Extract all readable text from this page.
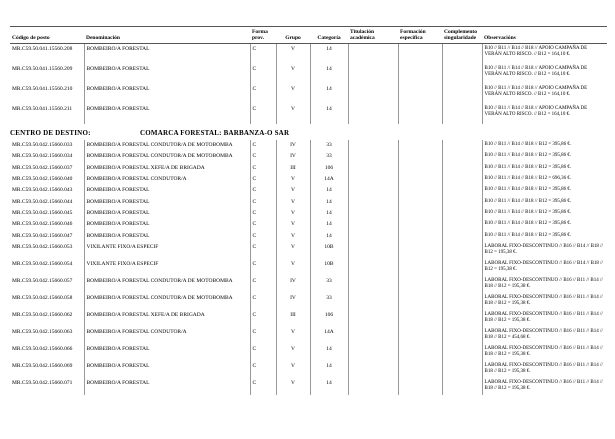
Código de posto	Denominación	Forma prov.	Grupo	Categoría	Titulación académica	Formación específica	Complemento singularidade	Observacións
MR.C59.50.041.15560.208	BOMBEIRO/A FORESTAL	C	V	14				B10 // B11 // B14 // B18 // APOIO CAMPAÑA DE VERÁN ALTO RISCO. // B12 = 164,10 €.
MR.C59.50.041.15560.209	BOMBEIRO/A FORESTAL	C	V	14				B10 // B11 // B14 // B18 // APOIO CAMPAÑA DE VERÁN ALTO RISCO. // B12 = 164,10 €.
MR.C59.50.041.15560.210	BOMBEIRO/A FORESTAL	C	V	14				B10 // B11 // B14 // B18 // APOIO CAMPAÑA DE VERÁN ALTO RISCO. // B12 = 164,10 €.
MR.C59.50.041.15560.211	BOMBEIRO/A FORESTAL	C	V	14				B10 // B11 // B14 // B18 // APOIO CAMPAÑA DE VERÁN ALTO RISCO. // B12 = 164,10 €.
CENTRO DE DESTINO:	COMARCA FORESTAL: BARBANZA-O SAR
MR.C59.50.042.15660.033	BOMBEIRO/A FORESTAL CONDUTOR/A DE MOTOBOMBA	C	IV	33				B10 // B11 // B14 // B18 // B12 = 395,86 €.
MR.C59.50.042.15660.034	BOMBEIRO/A FORESTAL CONDUTOR/A DE MOTOBOMBA	C	IV	33				B10 // B11 // B14 // B18 // B12 = 395,86 €.
MR.C59.50.042.15660.037	BOMBEIRO/A FORESTAL XEFE/A DE BRIGADA	C	III	106				B10 // B11 // B14 // B18 // B12 = 395,86 €.
MR.C59.50.042.15660.040	BOMBEIRO/A FORESTAL CONDUTOR/A	C	V	14A				B10 // B11 // B14 // B18 // B12 = 696,36 €.
MR.C59.50.042.15660.043	BOMBEIRO/A FORESTAL	C	V	14				B10 // B11 // B14 // B18 // B12 = 395,86 €.
MR.C59.50.042.15660.044	BOMBEIRO/A FORESTAL	C	V	14				B10 // B11 // B14 // B18 // B12 = 395,86 €.
MR.C59.50.042.15660.045	BOMBEIRO/A FORESTAL	C	V	14				B10 // B11 // B14 // B18 // B12 = 395,86 €.
MR.C59.50.042.15660.046	BOMBEIRO/A FORESTAL	C	V	14				B10 // B11 // B14 // B18 // B12 = 395,86 €.
MR.C59.50.042.15660.047	BOMBEIRO/A FORESTAL	C	V	14				B10 // B11 // B14 // B18 // B12 = 395,86 €.
MR.C59.50.042.15660.053	VIXILANTE FIXO/A ESPECIF	C	V	10B				LABORAL FIXO-DESCONTINUO // B16 // B14 // B18 // B12 = 195,38 €.
MR.C59.50.042.15660.054	VIXILANTE FIXO/A ESPECIF	C	V	10B				LABORAL FIXO-DESCONTINUO // B16 // B14 // B18 // B12 = 195,38 €.
MR.C59.50.042.15660.057	BOMBEIRO/A FORESTAL CONDUTOR/A DE MOTOBOMBA	C	IV	33				LABORAL FIXO-DESCONTINUO // B16 // B11 // B14 // B18 // B12 = 195,38 €.
MR.C59.50.042.15660.058	BOMBEIRO/A FORESTAL CONDUTOR/A DE MOTOBOMBA	C	IV	33				LABORAL FIXO-DESCONTINUO // B16 // B11 // B14 // B18 // B12 = 195,38 €.
MR.C59.50.042.15660.062	BOMBEIRO/A FORESTAL XEFE/A DE BRIGADA	C	III	106				LABORAL FIXO-DESCONTINUO // B16 // B11 // B14 // B18 // B12 = 195,38 €.
MR.C59.50.042.15660.063	BOMBEIRO/A FORESTAL CONDUTOR/A	C	V	14A				LABORAL FIXO-DESCONTINUO // B16 // B11 // B14 // B18 // B12 = 454,68 €.
MR.C59.50.042.15660.066	BOMBEIRO/A FORESTAL	C	V	14				LABORAL FIXO-DESCONTINUO // B16 // B11 // B14 // B18 // B12 = 195,38 €.
MR.C59.50.042.15660.069	BOMBEIRO/A FORESTAL	C	V	14				LABORAL FIXO-DESCONTINUO // B16 // B11 // B14 // B18 // B12 = 195,38 €.
MR.C59.50.042.15660.071	BOMBEIRO/A FORESTAL	C	V	14				LABORAL FIXO-DESCONTINUO // B16 // B11 // B14 // B18 // B12 = 195,38 €.
